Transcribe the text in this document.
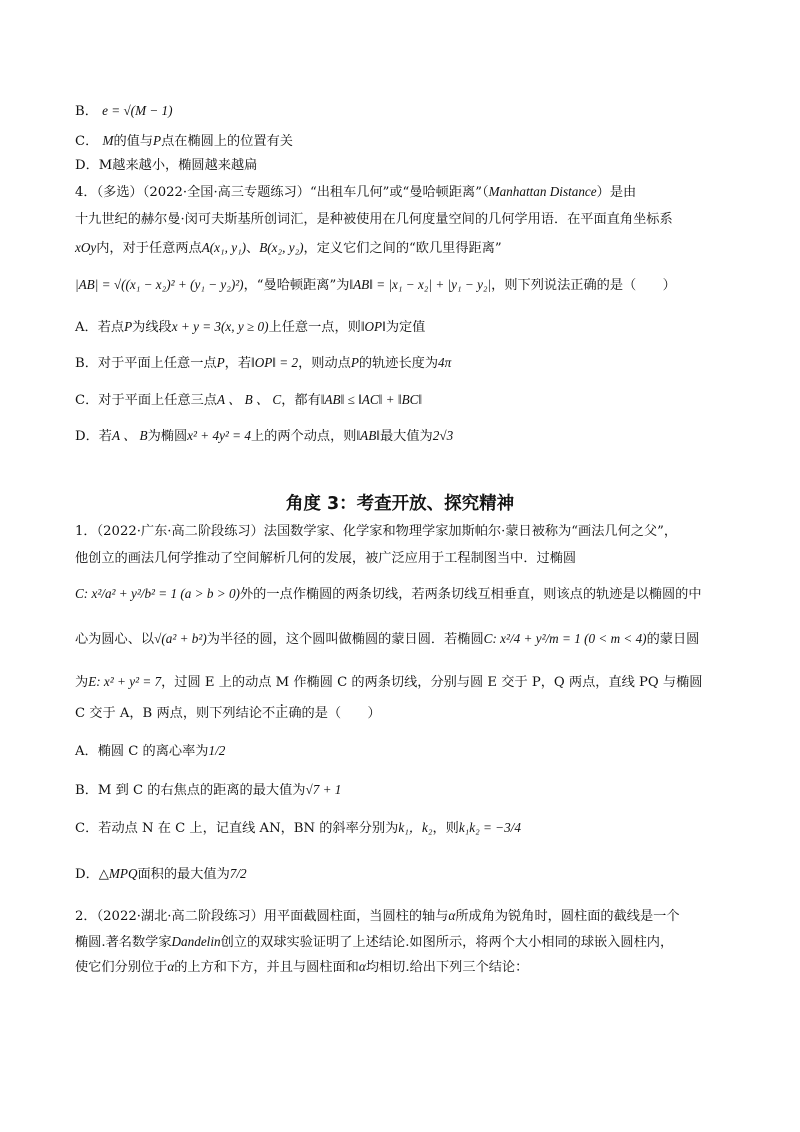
B． e = √(M − 1)
C． M的值与P点在椭圆上的位置有关
D．M越来越小，椭圆越来越扁
4．（多选）（2022·全国·高三专题练习）“出租车几何”或“曼哈顿距离”（Manhattan Distance）是由
十九世纪的赫尔曼·闵可夫斯基所创词汇，是种被使用在几何度量空间的几何学用语．在平面直角坐标系
xOy内，对于任意两点A(x₁, y₁)、B(x₂, y₂)，定义它们之间的“欧几里得距离”
|AB| = √((x₁ − x₂)² + (y₁ − y₂)²)，“曼哈顿距离”为‖AB‖ = |x₁ − x₂| + |y₁ − y₂|，则下列说法正确的是（　　）
A．若点P为线段x + y = 3(x, y ≥ 0)上任意一点，则‖OP‖为定值
B．对于平面上任意一点P，若‖OP‖ = 2，则动点P的轨迹长度为4π
C．对于平面上任意三点A 、 B 、 C，都有‖AB‖ ≤ ‖AC‖ + ‖BC‖
D．若A 、 B为椭圆x² + 4y² = 4上的两个动点，则‖AB‖最大值为2√3
角度 3：考查开放、探究精神
1．（2022·广东·高二阶段练习）法国数学家、化学家和物理学家加斯帕尔·蒙日被称为“画法几何之父”，
他创立的画法几何学推动了空间解析几何的发展，被广泛应用于工程制图当中．过椭圆
C: x²/a² + y²/b² = 1 (a > b > 0)外的一点作椭圆的两条切线，若两条切线互相垂直，则该点的轨迹是以椭圆的中
心为圆心、以√(a² + b²)为半径的圆，这个圆叫做椭圆的蒙日圆．若椭圆C: x²/4 + y²/m = 1 (0 < m < 4)的蒙日圆
为E: x² + y² = 7，过圆 E 上的动点 M 作椭圆 C 的两条切线，分别与圆 E 交于 P，Q 两点，直线 PQ 与椭圆
C 交于 A，B 两点，则下列结论不正确的是（　　）
A．椭圆 C 的离心率为1/2
B．M 到 C 的右焦点的距离的最大值为√7 + 1
C．若动点 N 在 C 上，记直线 AN，BN 的斜率分别为k₁，k₂，则k₁k₂ = −3/4
D．△MPQ面积的最大值为7/2
2．（2022·湖北·高二阶段练习）用平面截圆柱面，当圆柱的轴与α所成角为锐角时，圆柱面的截线是一个
椭圆.著名数学家Dandelin创立的双球实验证明了上述结论.如图所示，将两个大小相同的球嵌入圆柱内，
使它们分别位于α的上方和下方，并且与圆柱面和α均相切.给出下列三个结论：
